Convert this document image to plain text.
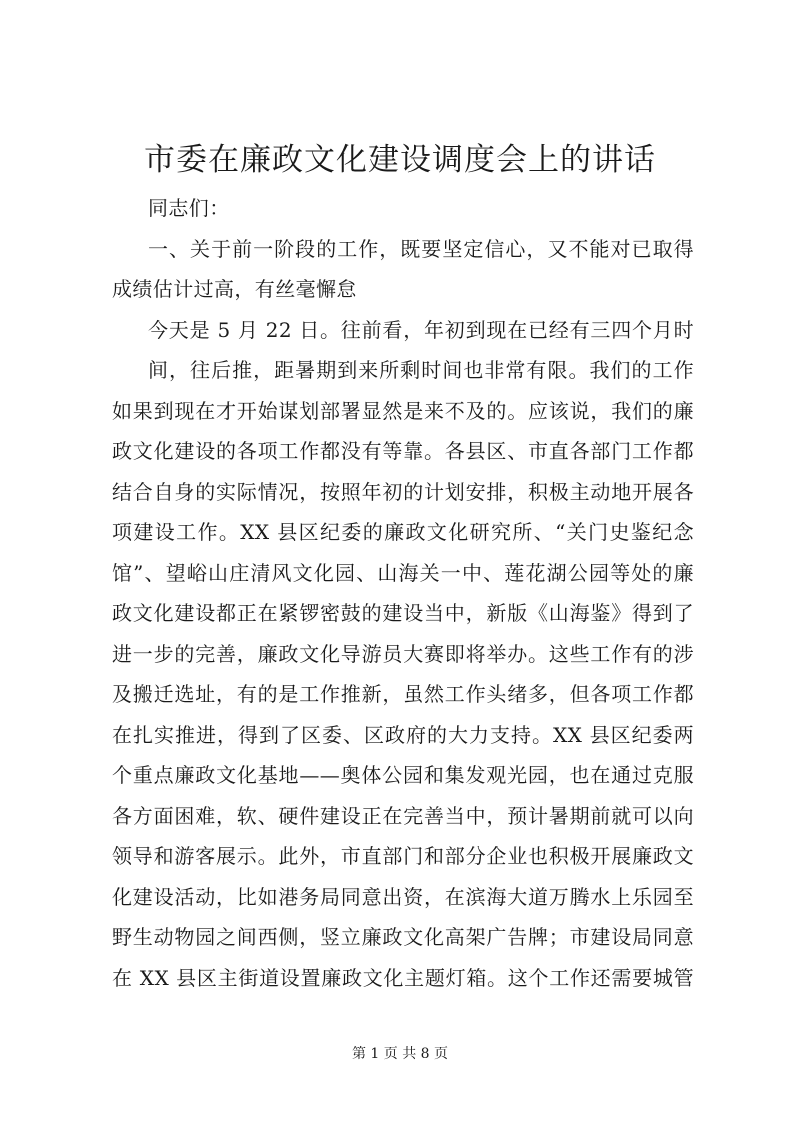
市委在廉政文化建设调度会上的讲话
同志们：
一、关于前一阶段的工作，既要坚定信心，又不能对已取得
成绩估计过高，有丝毫懈怠
今天是 5 月 22 日。往前看，年初到现在已经有三四个月时
间，往后推，距暑期到来所剩时间也非常有限。我们的工作
如果到现在才开始谋划部署显然是来不及的。应该说，我们的廉
政文化建设的各项工作都没有等靠。各县区、市直各部门工作都
结合自身的实际情况，按照年初的计划安排，积极主动地开展各
项建设工作。XX 县区纪委的廉政文化研究所、“关门史鉴纪念
馆”、望峪山庄清风文化园、山海关一中、莲花湖公园等处的廉
政文化建设都正在紧锣密鼓的建设当中，新版《山海鉴》得到了
进一步的完善，廉政文化导游员大赛即将举办。这些工作有的涉
及搬迁选址，有的是工作推新，虽然工作头绪多，但各项工作都
在扎实推进，得到了区委、区政府的大力支持。XX 县区纪委两
个重点廉政文化基地——奥体公园和集发观光园，也在通过克服
各方面困难，软、硬件建设正在完善当中，预计暑期前就可以向
领导和游客展示。此外，市直部门和部分企业也积极开展廉政文
化建设活动，比如港务局同意出资，在滨海大道万腾水上乐园至
野生动物园之间西侧，竖立廉政文化高架广告牌；市建设局同意
在 XX 县区主街道设置廉政文化主题灯箱。这个工作还需要城管
第 1 页 共 8 页
